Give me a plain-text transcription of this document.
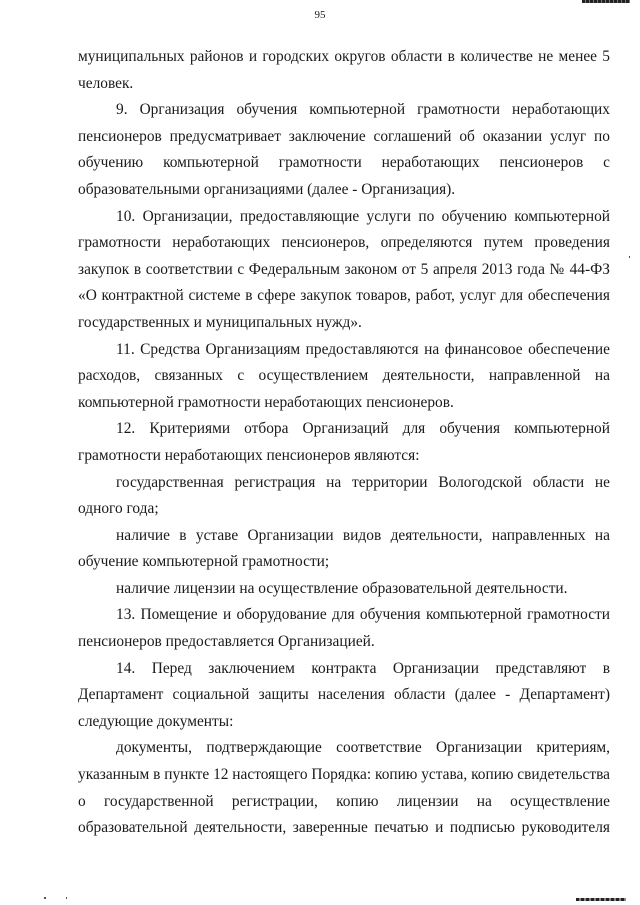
95
муниципальных районов и городских округов области в количестве не менее 5
человек.
9. Организация обучения компьютерной грамотности неработающих
пенсионеров предусматривает заключение соглашений об оказании услуг по
обучению компьютерной грамотности неработающих пенсионеров с
образовательными организациями (далее - Организация).
10. Организации, предоставляющие услуги по обучению компьютерной
грамотности неработающих пенсионеров, определяются путем проведения
закупок в соответствии с Федеральным законом от 5 апреля 2013 года № 44-ФЗ
«О контрактной системе в сфере закупок товаров, работ, услуг для обеспечения
государственных и муниципальных нужд».
11. Средства Организациям предоставляются на финансовое обеспечение
расходов, связанных с осуществлением деятельности, направленной на
компьютерной грамотности неработающих пенсионеров.
12. Критериями отбора Организаций для обучения компьютерной
грамотности неработающих пенсионеров являются:
государственная регистрация на территории Вологодской области не
одного года;
наличие в уставе Организации видов деятельности, направленных на
обучение компьютерной грамотности;
наличие лицензии на осуществление образовательной деятельности.
13. Помещение и оборудование для обучения компьютерной грамотности
пенсионеров предоставляется Организацией.
14. Перед заключением контракта Организации представляют в
Департамент социальной защиты населения области (далее - Департамент)
следующие документы:
документы, подтверждающие соответствие Организации критериям,
указанным в пункте 12 настоящего Порядка: копию устава, копию свидетельства
о государственной регистрации, копию лицензии на осуществление
образовательной деятельности, заверенные печатью и подписью руководителя
